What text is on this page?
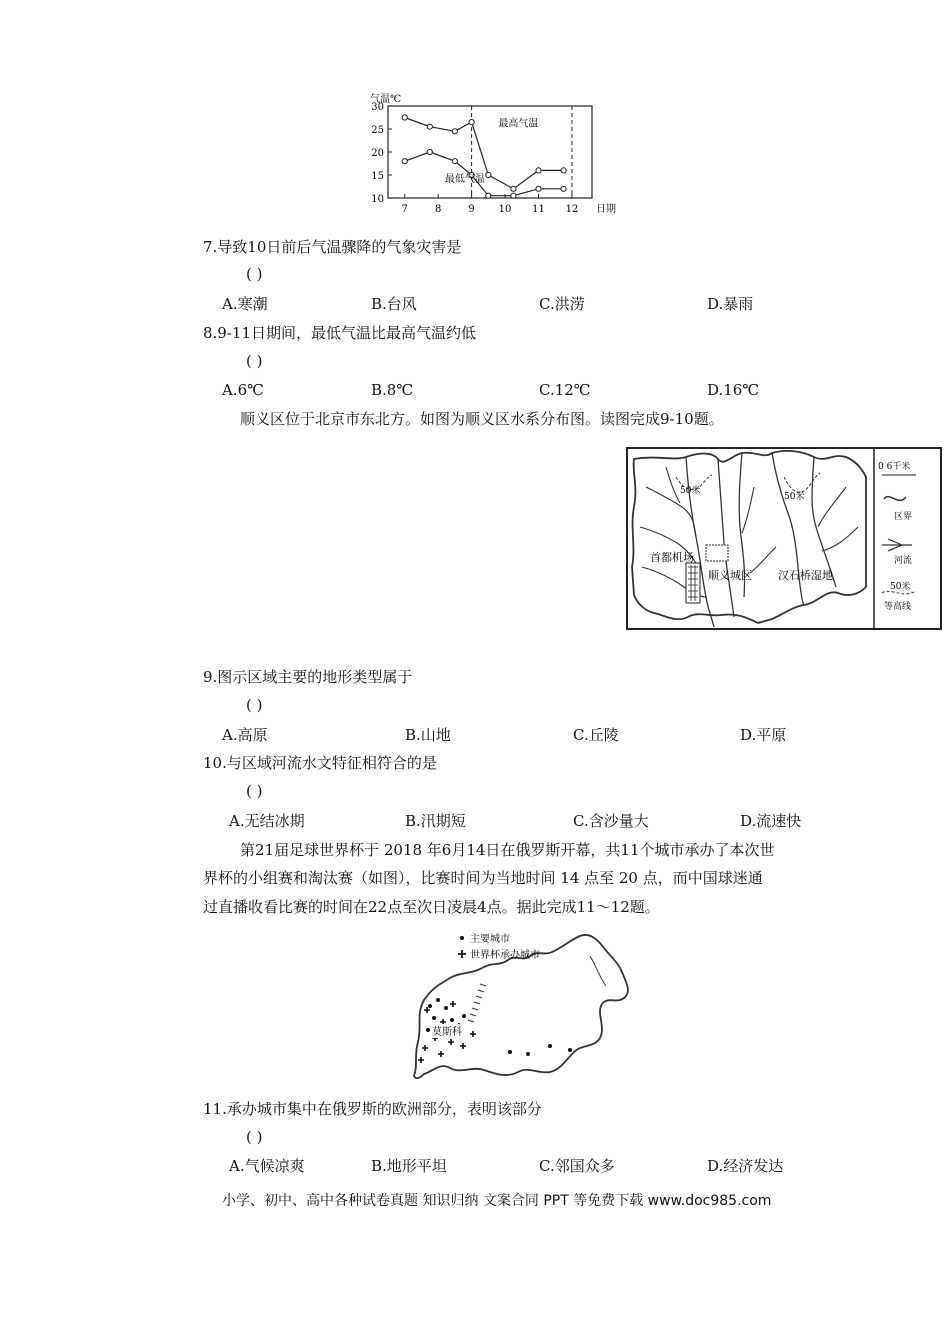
10
15
20
25
30
7	8	9 10 11 12
气温℃
日期
最高气温
最低气温
7.导致10日前后气温骤降的气象灾害是
( )
A.寒潮	B.台风	C.洪涝	D.暴雨
8.9-11日期间，最低气温比最高气温约低
( )
A.6℃	B.8℃	C.12℃	D.16℃
顺义区位于北京市东北方。如图为顺义区水系分布图。读图完成9-10题。
50米
50米
首都机场
顺义城区 汉石桥湿地
0 6千米
区界
河流
50米
等高线
9.图示区域主要的地形类型属于
( )
A.高原	B.山地	C.丘陵	D.平原
10.与区域河流水文特征相符合的是
( )
A.无结冰期	B.汛期短	C.含沙量大	D.流速快
第21届足球世界杯于 2018 年6月14日在俄罗斯开幕，共11个城市承办了本次世
界杯的小组赛和淘汰赛（如图），比赛时间为当地时间 14 点至 20 点，而中国球迷通
过直播收看比赛的时间在22点至次日凌晨4点。据此完成11～12题。
莫斯科
主要城市
世界杯承办城市
11.承办城市集中在俄罗斯的欧洲部分，表明该部分
( )
A.气候凉爽	B.地形平坦	C.邻国众多	D.经济发达
小学、初中、高中各种试卷真题 知识归纳 文案合同 PPT 等免费下载 www.doc985.com
